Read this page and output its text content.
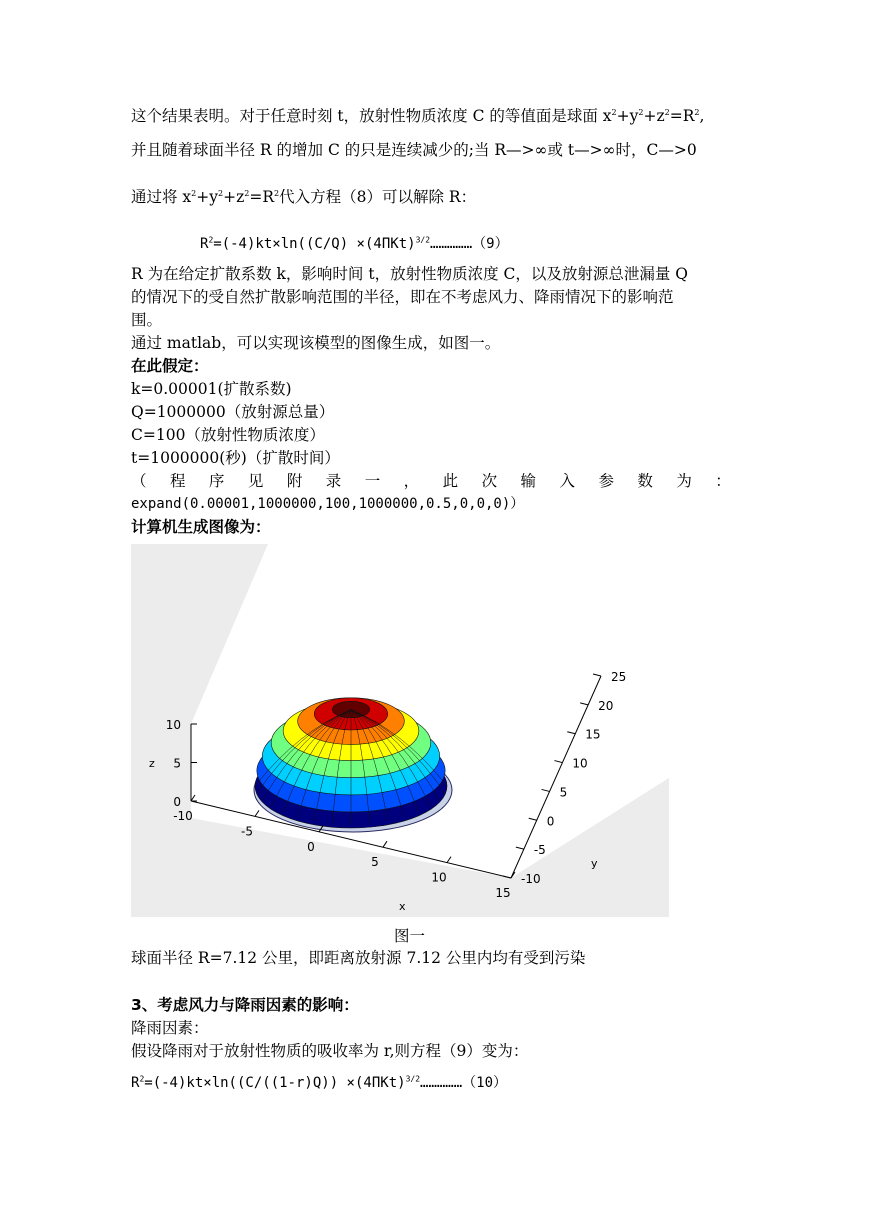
这个结果表明。对于任意时刻 t，放射性物质浓度 C 的等值面是球面 $x^2+y^2+z^2=R^2$,
并且随着球面半径 R 的增加 C 的只是连续减少的;当 R—>∞或 t—>∞时，C—>0
通过将 $x^2+y^2+z^2=R^2$代入方程（8）可以解除 R：
$R^2=(-4)kt\times\ln((C/Q)$ $\times(4\Pi Kt)^{3/2}\dots\dots\dots\dots\dots(9)$
R 为在给定扩散系数 k，影响时间 t，放射性物质浓度 C，以及放射源总泄漏量 Q
的情况下的受自然扩散影响范围的半径，即在不考虑风力、降雨情况下的影响范
围。
通过 matlab，可以实现该模型的图像生成，如图一。
在此假定：
k=0.00001(扩散系数)
Q=1000000（放射源总量）
C=100（放射性物质浓度）
t=1000000(秒)（扩散时间）
（ 程 序 见 附 录 一 ， 此 次 输 入 参 数 为 ：
expand(0.00001,1000000,100,1000000,0.5,0,0,0)）
计算机生成图像为：
-10
-5
0
5
10
15
-10
-5
0
5
10
15
20
25
0
5
10
x
y
z
图一
球面半径 R=7.12 公里，即距离放射源 7.12 公里内均有受到污染
3、考虑风力与降雨因素的影响：
降雨因素：
假设降雨对于放射性物质的吸收率为 r,则方程（9）变为：
$R^2=(-4)kt\times\ln((C/((1-r)Q))$ $\times(4\Pi Kt)^{3/2}\dots\dots\dots\dots\dots(10)$
